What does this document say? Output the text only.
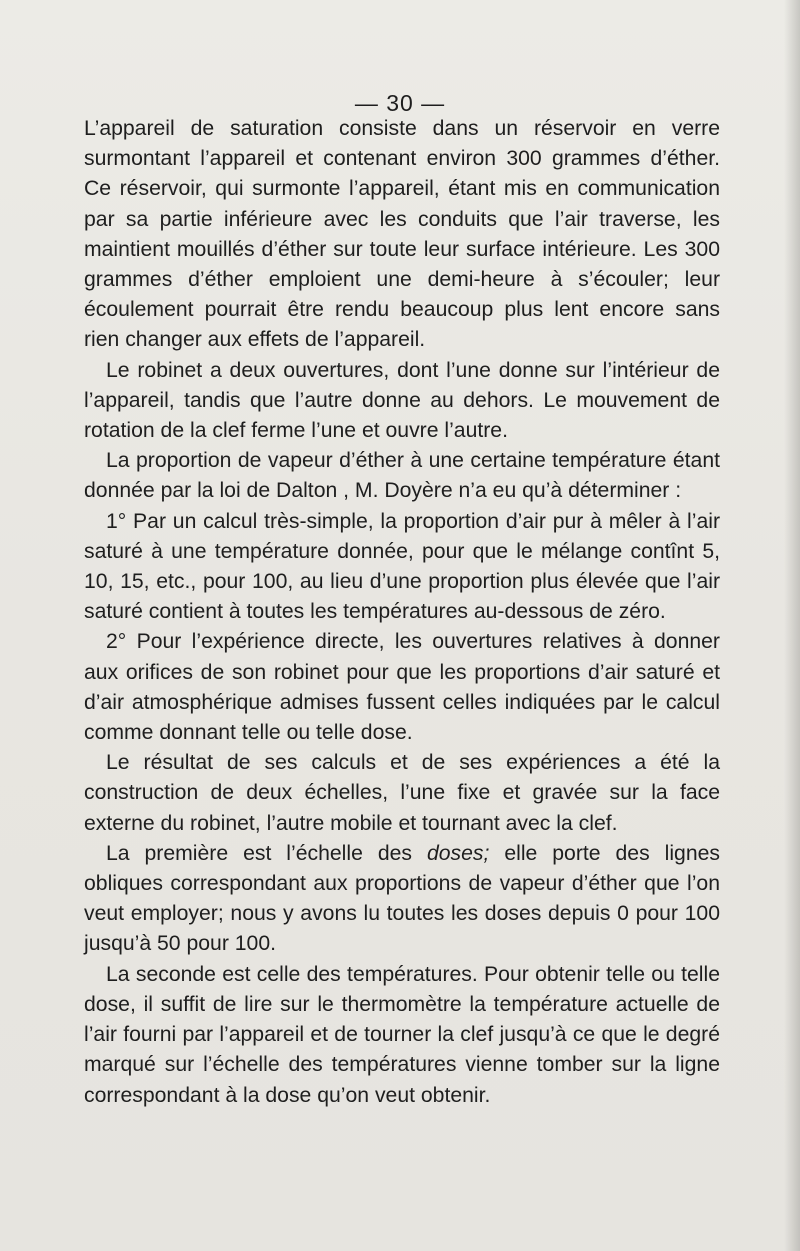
— 30 —

L’appareil de saturation consiste dans un réservoir en verre surmontant l’appareil et contenant environ 300 grammes d’éther. Ce réservoir, qui surmonte l’appareil, étant mis en communication par sa partie inférieure avec les conduits que l’air traverse, les maintient mouillés d’éther sur toute leur surface intérieure. Les 300 grammes d’éther emploient une demi-heure à s’écouler; leur écoulement pourrait être rendu beaucoup plus lent encore sans rien changer aux effets de l’appareil.

Le robinet a deux ouvertures, dont l’une donne sur l’intérieur de l’appareil, tandis que l’autre donne au dehors. Le mouvement de rotation de la clef ferme l’une et ouvre l’autre.

La proportion de vapeur d’éther à une certaine température étant donnée par la loi de Dalton , M. Doyère n’a eu qu’à déterminer :

1° Par un calcul très-simple, la proportion d’air pur à mêler à l’air saturé à une température donnée, pour que le mélange contînt 5, 10, 15, etc., pour 100, au lieu d’une proportion plus élevée que l’air saturé contient à toutes les températures au-dessous de zéro.

2° Pour l’expérience directe, les ouvertures relatives à donner aux orifices de son robinet pour que les proportions d’air saturé et d’air atmosphérique admises fussent celles indiquées par le calcul comme donnant telle ou telle dose.

Le résultat de ses calculs et de ses expériences a été la construction de deux échelles, l’une fixe et gravée sur la face externe du robinet, l’autre mobile et tournant avec la clef.

La première est l’échelle des doses; elle porte des lignes obliques correspondant aux proportions de vapeur d’éther que l’on veut employer; nous y avons lu toutes les doses depuis 0 pour 100 jusqu’à 50 pour 100.

La seconde est celle des températures. Pour obtenir telle ou telle dose, il suffit de lire sur le thermomètre la température actuelle de l’air fourni par l’appareil et de tourner la clef jusqu’à ce que le degré marqué sur l’échelle des températures vienne tomber sur la ligne correspondant à la dose qu’on veut obtenir.
